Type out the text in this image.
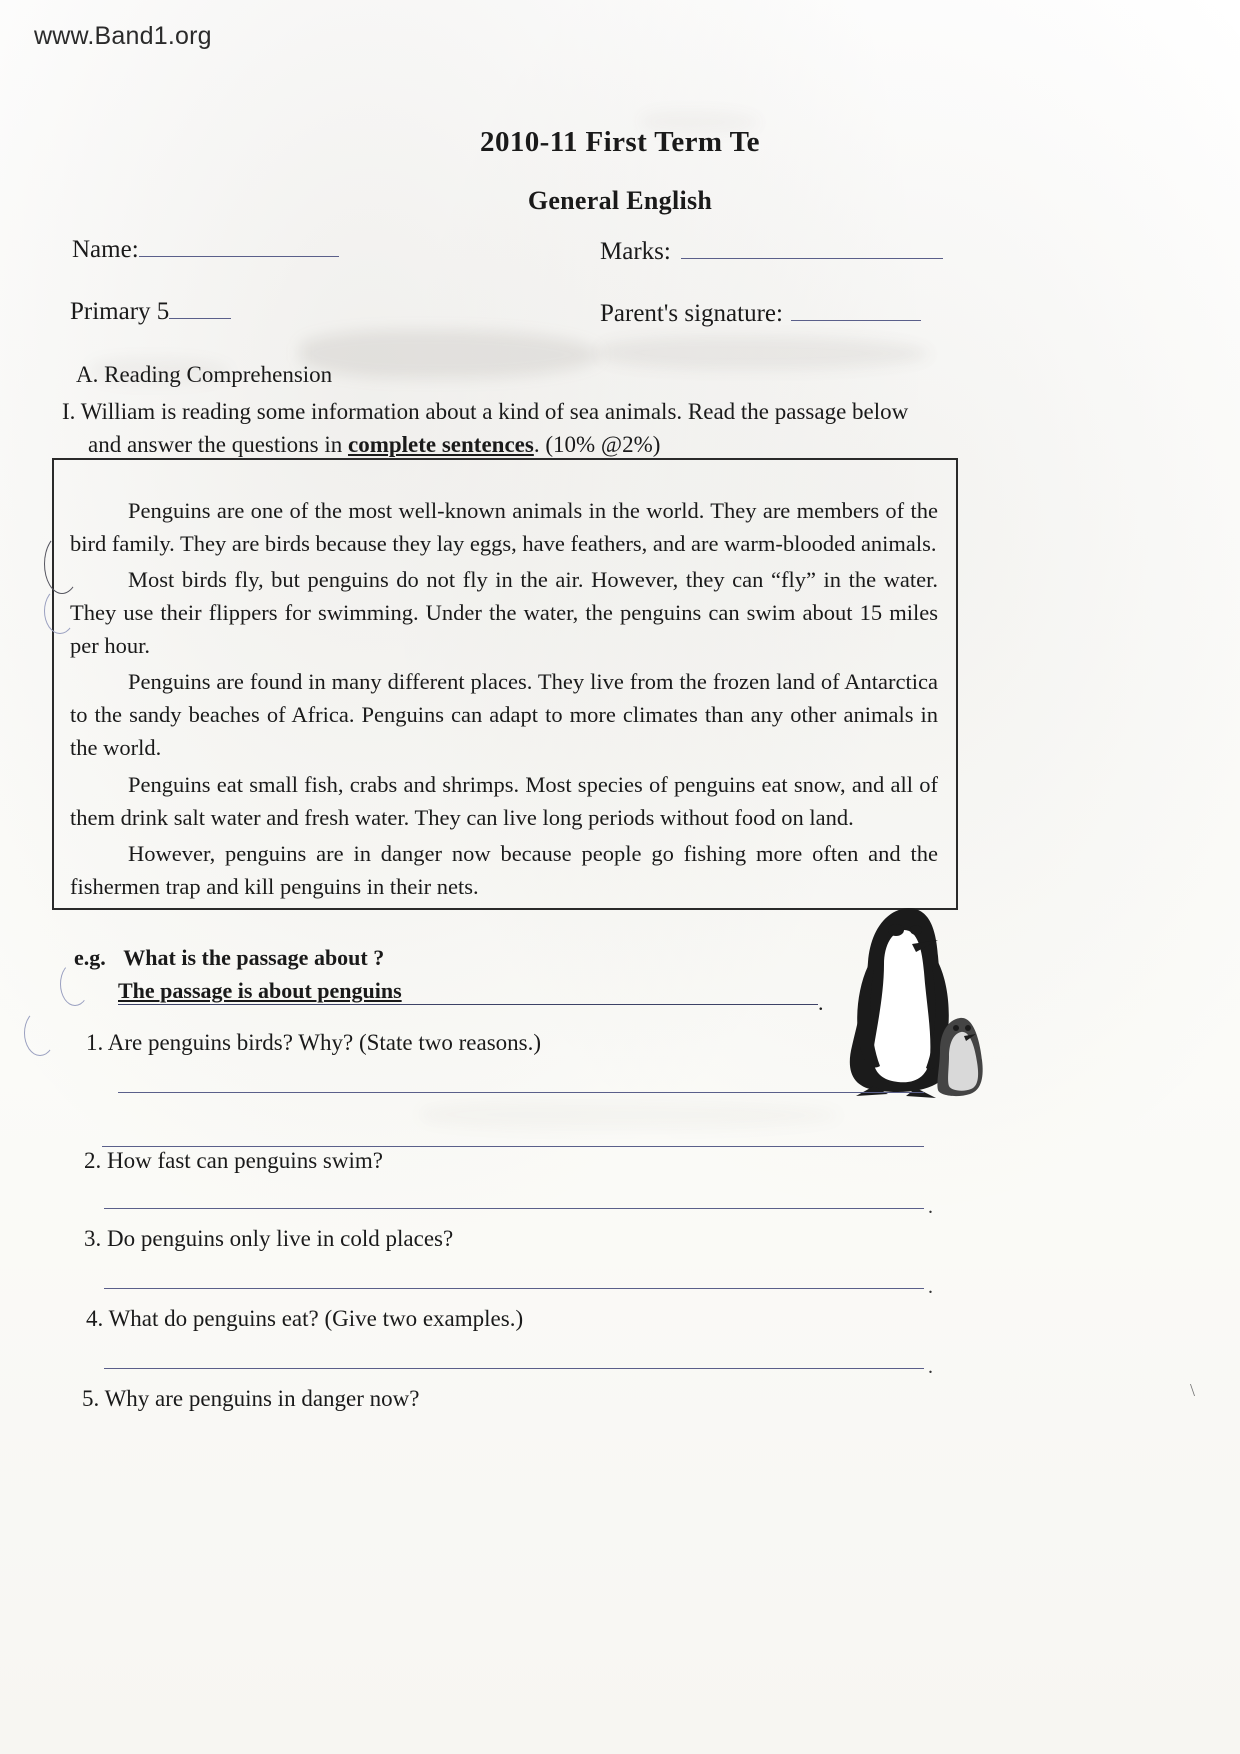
www.Band1.org
2010-11 First Term Te
General English
Name:	Marks:
Primary 5	Parent's signature:
A. Reading Comprehension
I. William is reading some information about a kind of sea animals. Read the passage below
and answer the questions in complete sentences. (10% @2%)

Penguins are one of the most well-known animals in the world. They are members of the bird family. They are birds because they lay eggs, have feathers, and are warm-blooded animals.

Most birds fly, but penguins do not fly in the air. However, they can “fly” in the water. They use their flippers for swimming. Under the water, the penguins can swim about 15 miles per hour.

Penguins are found in many different places. They live from the frozen land of Antarctica to the sandy beaches of Africa. Penguins can adapt to more climates than any other animals in the world.

Penguins eat small fish, crabs and shrimps. Most species of penguins eat snow, and all of them drink salt water and fresh water. They can live long periods without food on land.

However, penguins are in danger now because people go fishing more often and the fishermen trap and kill penguins in their nets.

e.g. What is the passage about ?
The passage is about penguins	.
1. Are penguins birds? Why? (State two reasons.)
2. How fast can penguins swim?
.
3. Do penguins only live in cold places?
.
4. What do penguins eat? (Give two examples.)
.
5. Why are penguins in danger now?	\
